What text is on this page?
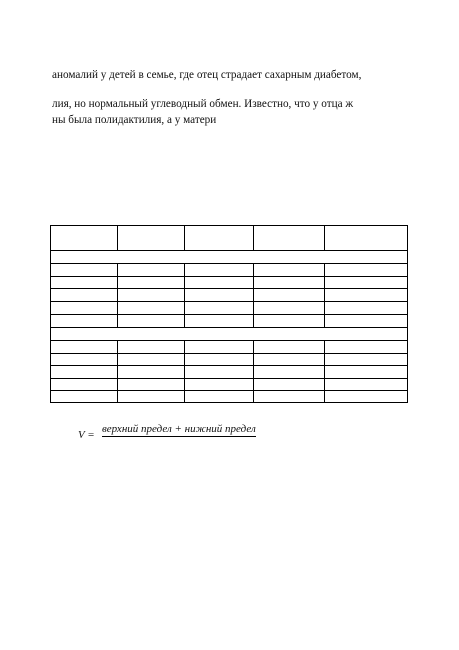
аномалий у детей в семье, где отец страдает сахарным диабетом,
лия, но нормальный углеводный обмен. Известно, что у отца ж
ны была полидактилия, а у матери
V = верхний предел + нижний предел
